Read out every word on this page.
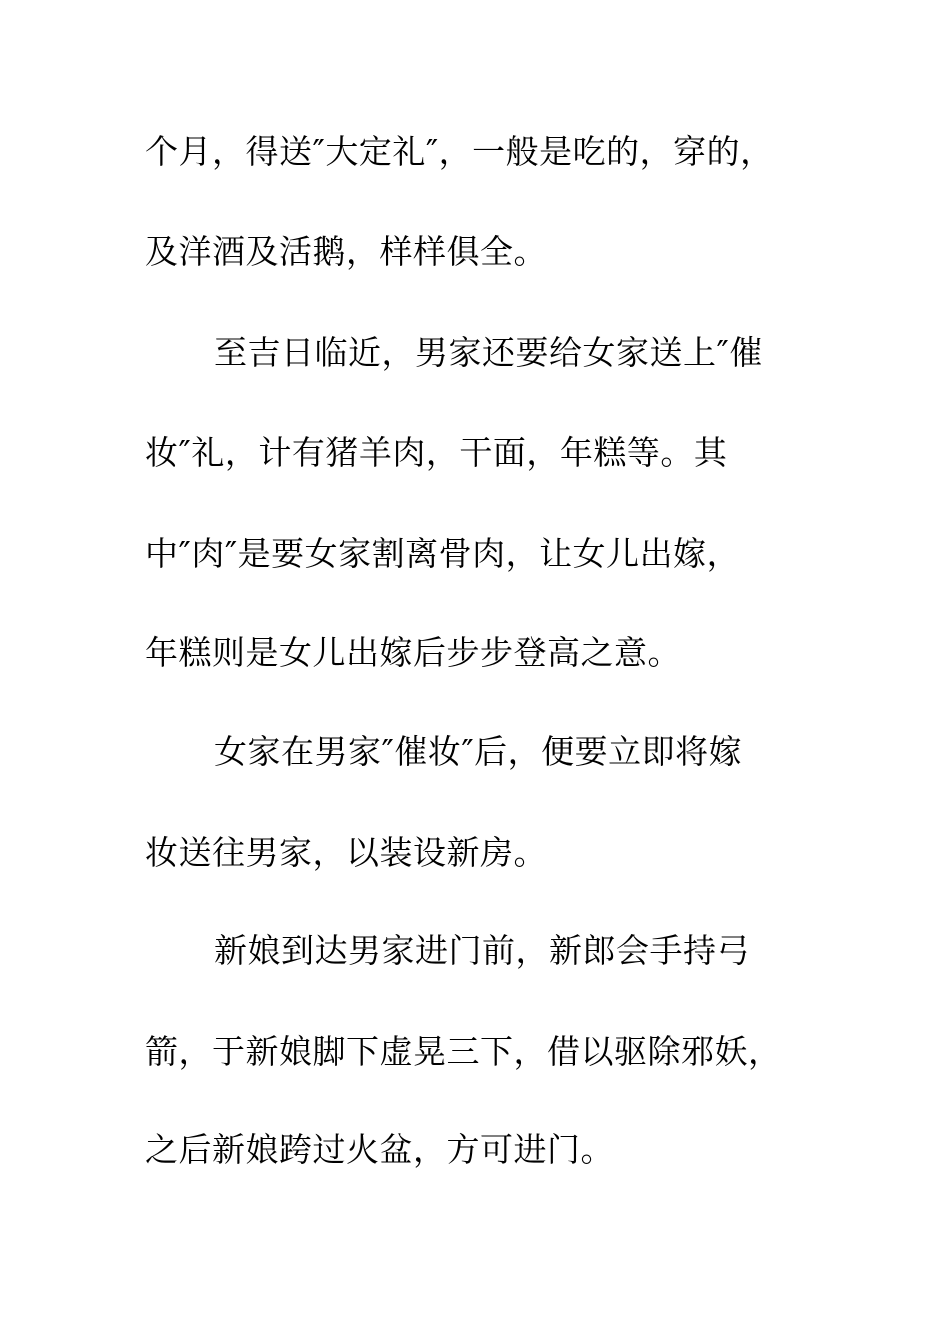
个月，得送″大定礼″，一般是吃的，穿的，
及洋酒及活鹅，样样俱全。
至吉日临近，男家还要给女家送上″催
妆″礼，计有猪羊肉，干面，年糕等。其
中″肉″是要女家割离骨肉，让女儿出嫁，
年糕则是女儿出嫁后步步登高之意。
女家在男家″催妆″后，便要立即将嫁
妆送往男家，以装设新房。
新娘到达男家进门前，新郎会手持弓
箭，于新娘脚下虚晃三下，借以驱除邪妖，
之后新娘跨过火盆，方可进门。
